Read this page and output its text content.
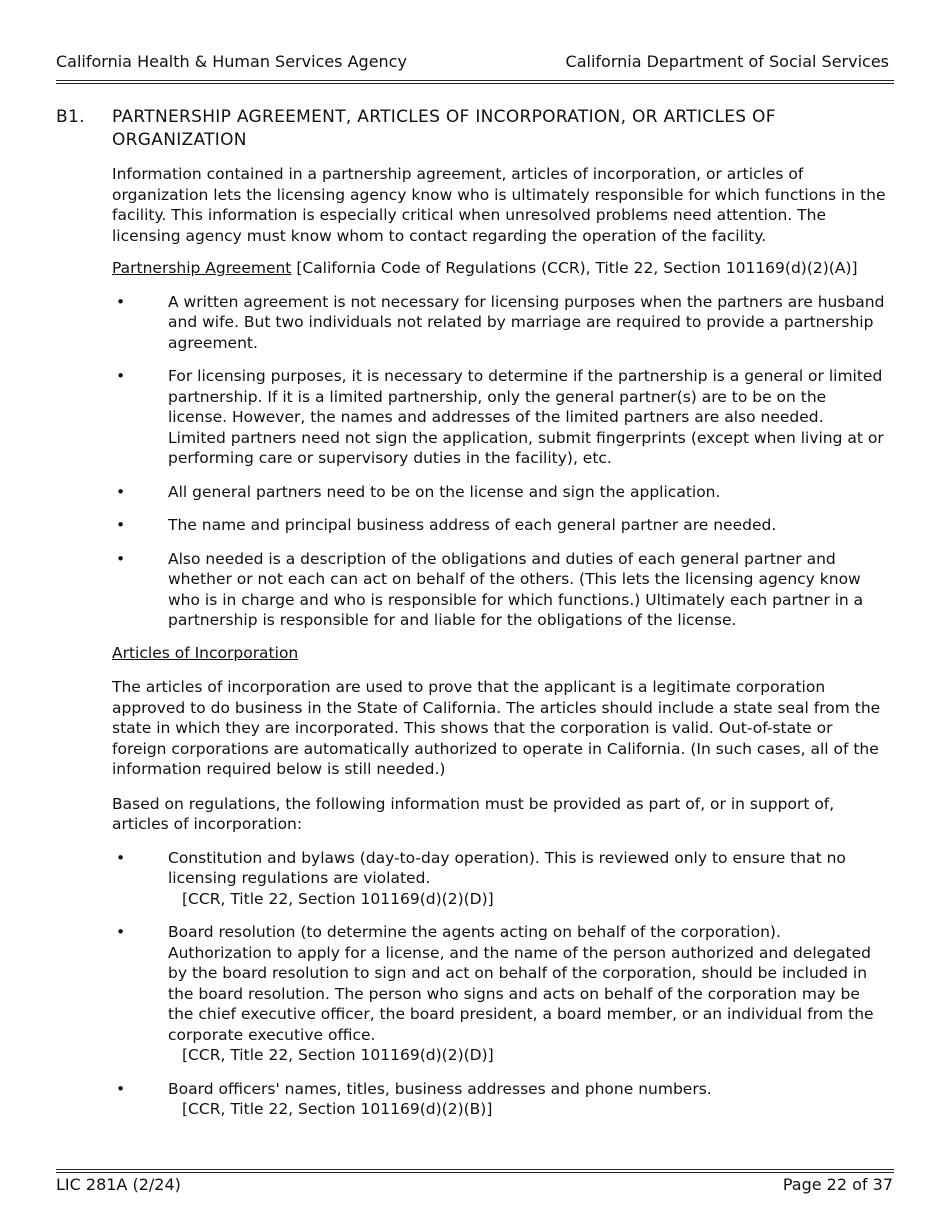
California Health & Human Services Agency	California Department of Social Services
B1. PARTNERSHIP AGREEMENT, ARTICLES OF INCORPORATION, OR ARTICLES OF ORGANIZATION

Information contained in a partnership agreement, articles of incorporation, or articles of organization lets the licensing agency know who is ultimately responsible for which functions in the facility. This information is especially critical when unresolved problems need attention. The licensing agency must know whom to contact regarding the operation of the facility.

Partnership Agreement [California Code of Regulations (CCR), Title 22, Section 101169(d)(2)(A)]

•	A written agreement is not necessary for licensing purposes when the partners are husband and wife. But two individuals not related by marriage are required to provide a partnership agreement.
•	For licensing purposes, it is necessary to determine if the partnership is a general or limited partnership. If it is a limited partnership, only the general partner(s) are to be on the license. However, the names and addresses of the limited partners are also needed. Limited partners need not sign the application, submit fingerprints (except when living at or performing care or supervisory duties in the facility), etc.
•	All general partners need to be on the license and sign the application.
•	The name and principal business address of each general partner are needed.
•	Also needed is a description of the obligations and duties of each general partner and whether or not each can act on behalf of the others. (This lets the licensing agency know who is in charge and who is responsible for which functions.) Ultimately each partner in a partnership is responsible for and liable for the obligations of the license.

Articles of Incorporation

The articles of incorporation are used to prove that the applicant is a legitimate corporation approved to do business in the State of California. The articles should include a state seal from the state in which they are incorporated. This shows that the corporation is valid. Out-of-state or foreign corporations are automatically authorized to operate in California. (In such cases, all of the information required below is still needed.)

Based on regulations, the following information must be provided as part of, or in support of, articles of incorporation:

•	Constitution and bylaws (day-to-day operation). This is reviewed only to ensure that no licensing regulations are violated.
[CCR, Title 22, Section 101169(d)(2)(D)]
•	Board resolution (to determine the agents acting on behalf of the corporation). Authorization to apply for a license, and the name of the person authorized and delegated by the board resolution to sign and act on behalf of the corporation, should be included in the board resolution. The person who signs and acts on behalf of the corporation may be the chief executive officer, the board president, a board member, or an individual from the corporate executive office.
[CCR, Title 22, Section 101169(d)(2)(D)]
•	Board officers' names, titles, business addresses and phone numbers.
[CCR, Title 22, Section 101169(d)(2)(B)]
LIC 281A (2/24)	Page 22 of 37
